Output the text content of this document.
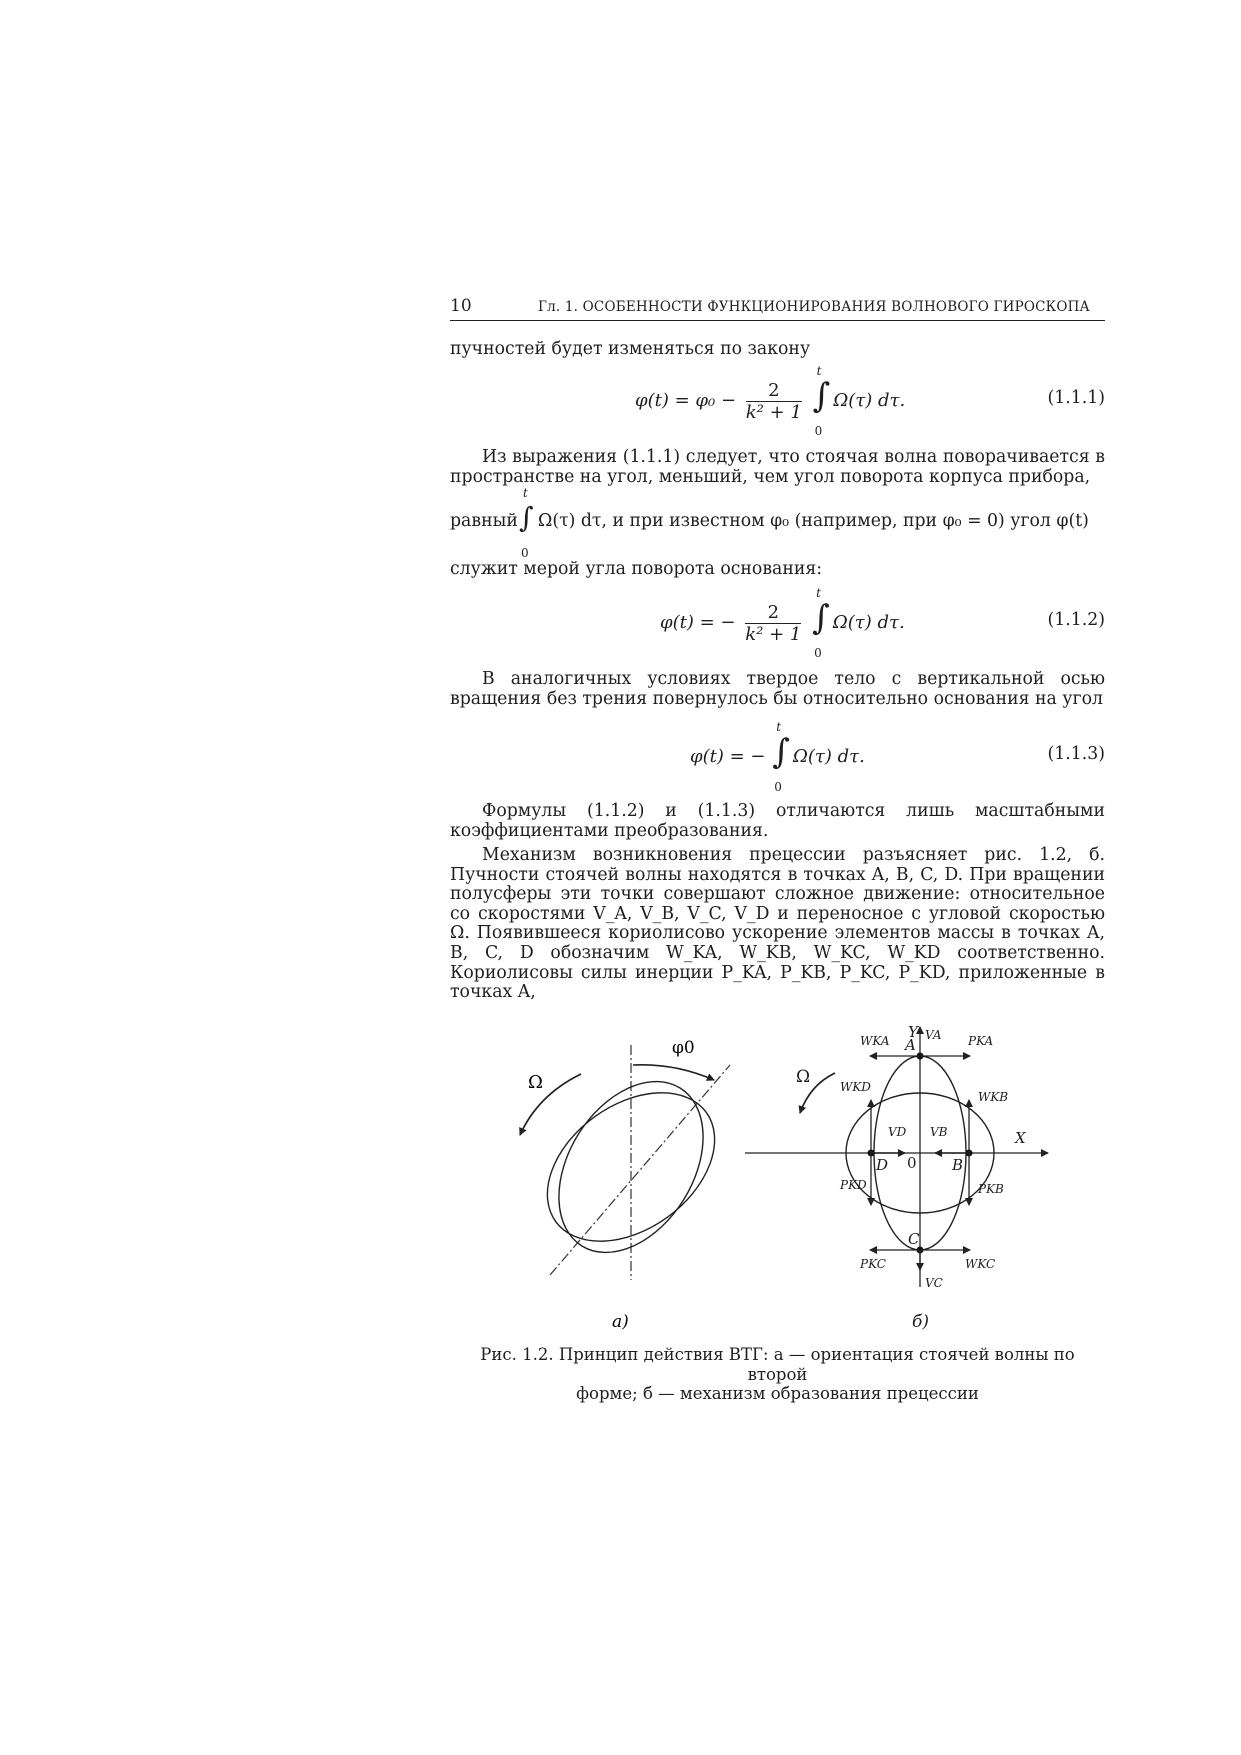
10	Гл. 1. ОСОБЕННОСТИ ФУНКЦИОНИРОВАНИЯ ВОЛНОВОГО ГИРОСКОПА
пучностей будет изменяться по закону
$\varphi(t) = \varphi_0 - \frac{2}{\text{k² + 1}}$
∫
t
0
Ω(τ) dτ.	(1.1.1)
Из выражения (1.1.1) следует, что стоячая волна поворачивается в пространстве на угол, меньший, чем угол поворота корпуса прибора,
равный ∫
t
0
Ω(τ) dτ, и при известном φ₀ (например, при φ₀ = 0) угол φ(t)
служит мерой угла поворота основания:
φ(t) = − $\frac{2}{\text{k² + 1}}$
∫
t
0
Ω(τ) dτ.	(1.1.2)
В аналогичных условиях твердое тело с вертикальной осью вращения без трения повернулось бы относительно основания на угол
φ(t) = − ∫
t
0
Ω(τ) dτ.	(1.1.3)
Формулы (1.1.2) и (1.1.3) отличаются лишь масштабными коэффициентами преобразования.
Механизм возникновения прецессии разъясняет рис. 1.2, б. Пучности стоячей волны находятся в точках A, B, C, D. При вращении полусферы эти точки совершают сложное движение: относительное со скоростями V_A, V_B, V_C, V_D и переносное с угловой скоростью Ω. Появившееся кориолисово ускорение элементов массы в точках A, B, C, D обозначим W_KA, W_KB, W_KC, W_KD соответственно. Кориолисовы силы инерции P_KA, P_KB, P_KC, P_KD, приложенные в точках A,
Ω
φ0
а)
Ω
Y
X
0
A
B
C
D
VA
VB
VC
VD
WKA
WKB
WKC
WKD
PKA
PKB
PKC
PKD
б)
Рис. 1.2. Принцип действия ВТГ: а — ориентация стоячей волны по второй
форме; б — механизм образования прецессии
